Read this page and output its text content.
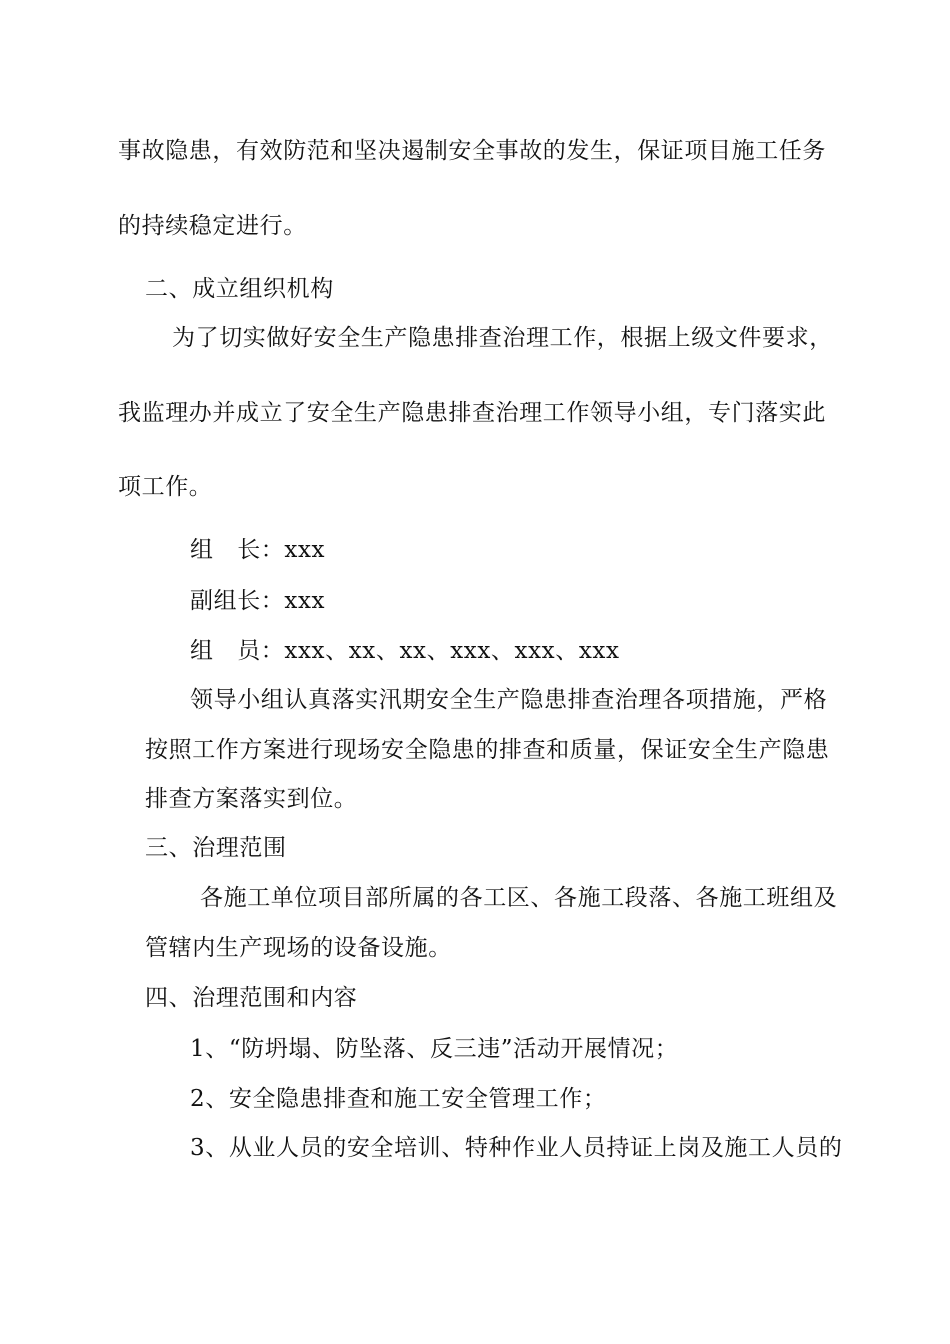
事故隐患，有效防范和坚决遏制安全事故的发生，保证项目施工任务
的持续稳定进行。
二、成立组织机构
为了切实做好安全生产隐患排查治理工作，根据上级文件要求，
我监理办并成立了安全生产隐患排查治理工作领导小组，专门落实此
项工作。
组　长：xxx
副组长：xxx
组　员：xxx、xx、xx、xxx、xxx、xxx
领导小组认真落实汛期安全生产隐患排查治理各项措施，严格
按照工作方案进行现场安全隐患的排查和质量，保证安全生产隐患
排查方案落实到位。
三、治理范围
各施工单位项目部所属的各工区、各施工段落、各施工班组及
管辖内生产现场的设备设施。
四、治理范围和内容
1、“防坍塌、防坠落、反三违”活动开展情况；
2、安全隐患排查和施工安全管理工作；
3、从业人员的安全培训、特种作业人员持证上岗及施工人员的
